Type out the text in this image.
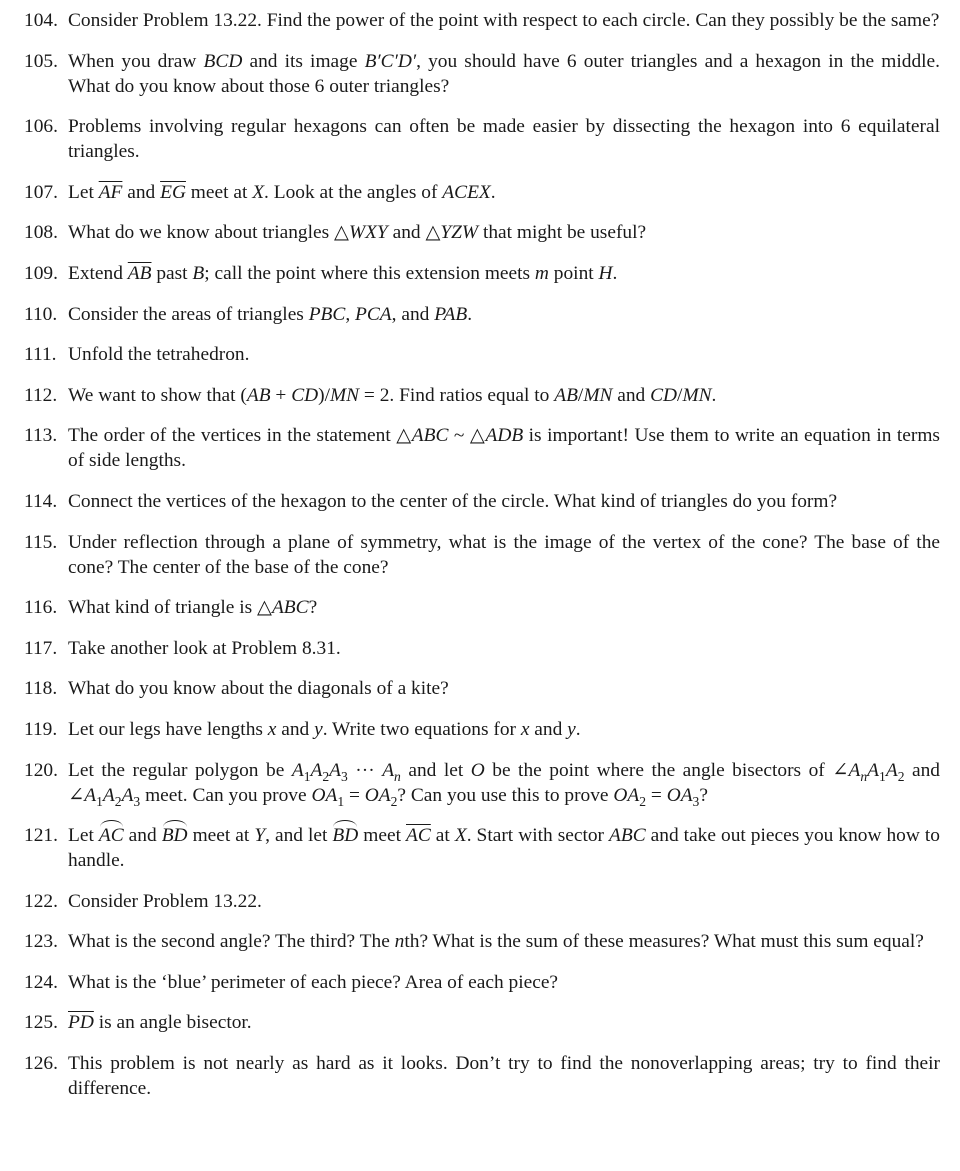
104. Consider Problem 13.22. Find the power of the point with respect to each circle. Can they possibly be the same?
105. When you draw BCD and its image B′C′D′, you should have 6 outer triangles and a hexagon in the middle. What do you know about those 6 outer triangles?
106. Problems involving regular hexagons can often be made easier by dissecting the hexagon into 6 equilateral triangles.
107. Let $\overline{AF}$ and $\overline{EG}$ meet at X. Look at the angles of ACEX.
108. What do we know about triangles △WXY and △YZW that might be useful?
109. Extend $\overline{AB}$ past B; call the point where this extension meets m point H.
110. Consider the areas of triangles PBC, PCA, and PAB.
111. Unfold the tetrahedron.
112. We want to show that (AB + CD)/MN = 2. Find ratios equal to AB/MN and CD/MN.
113. The order of the vertices in the statement △ABC ~ △ADB is important! Use them to write an equation in terms of side lengths.
114. Connect the vertices of the hexagon to the center of the circle. What kind of triangles do you form?
115. Under reflection through a plane of symmetry, what is the image of the vertex of the cone? The base of the cone? The center of the base of the cone?
116. What kind of triangle is △ABC?
117. Take another look at Problem 8.31.
118. What do you know about the diagonals of a kite?
119. Let our legs have lengths x and y. Write two equations for x and y.
120. Let the regular polygon be $A_1A_2A_3$ ··· $A_n$ and let O be the point where the angle bisectors of $\angle A_nA_1A_2$ and $\angle A_1A_2A_3$ meet. Can you prove $OA_1 = OA_2$? Can you use this to prove $OA_2 = OA_3$?
121. Let AC and BD meet at Y, and let BD meet $\overline{AC}$ at X. Start with sector ABC and take out pieces you know how to handle.
122. Consider Problem 13.22.
123. What is the second angle? The third? The nth? What is the sum of these measures? What must this sum equal?
124. What is the ‘blue’ perimeter of each piece? Area of each piece?
125. $\overline{PD}$ is an angle bisector.
126. This problem is not nearly as hard as it looks. Don’t try to find the nonoverlapping areas; try to find their difference.
